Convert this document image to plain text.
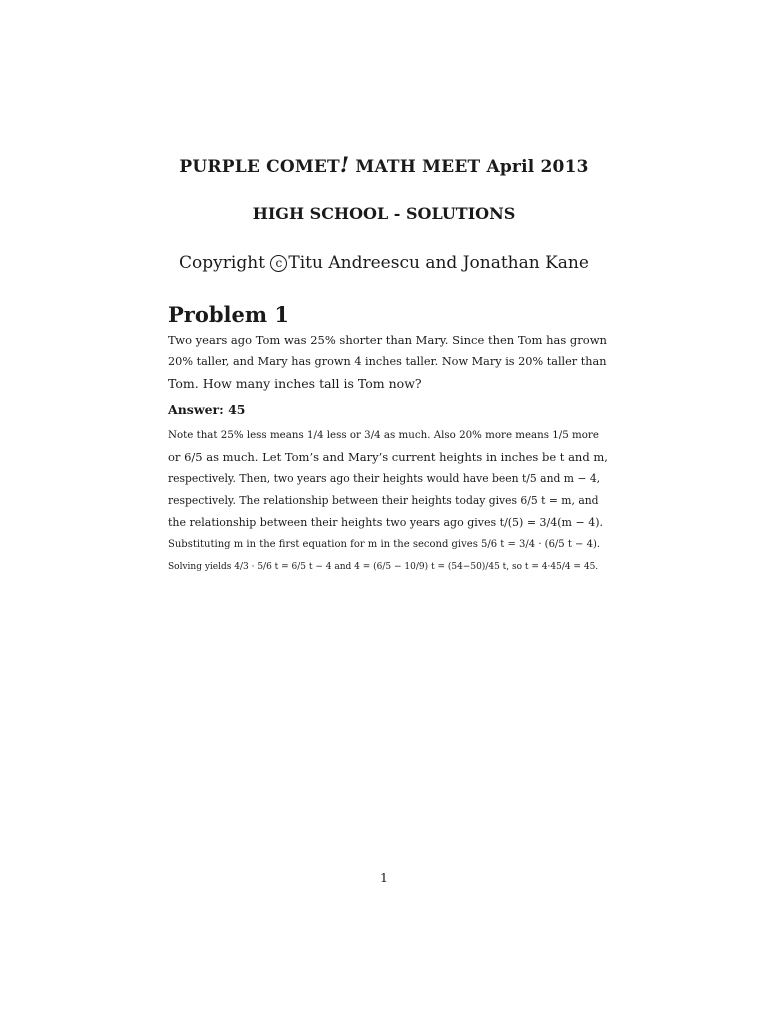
PURPLE COMET! MATH MEET April 2013
HIGH SCHOOL - SOLUTIONS
Copyright c Titu Andreescu and Jonathan Kane
Problem 1

Two years ago Tom was 25% shorter than Mary. Since then Tom has grown
20% taller, and Mary has grown 4 inches taller. Now Mary is 20% taller than
Tom. How many inches tall is Tom now?

Answer: 45

Note that 25% less means 1/4 less or 3/4 as much. Also 20% more means 1/5 more
or 6/5 as much. Let Tom’s and Mary’s current heights in inches be t and m,
respectively. Then, two years ago their heights would have been t/5 and m − 4,
respectively. The relationship between their heights today gives 6/5 t = m, and
the relationship between their heights two years ago gives t/(5) = 3/4(m − 4).
Substituting m in the first equation for m in the second gives 5/6 t = 3/4 · (6/5 t − 4).
Solving yields 4/3 · 5/6 t = 6/5 t − 4 and 4 = (6/5 − 10/9) t = (54−50)/45 t, so t = 4·45/4 = 45.

1
